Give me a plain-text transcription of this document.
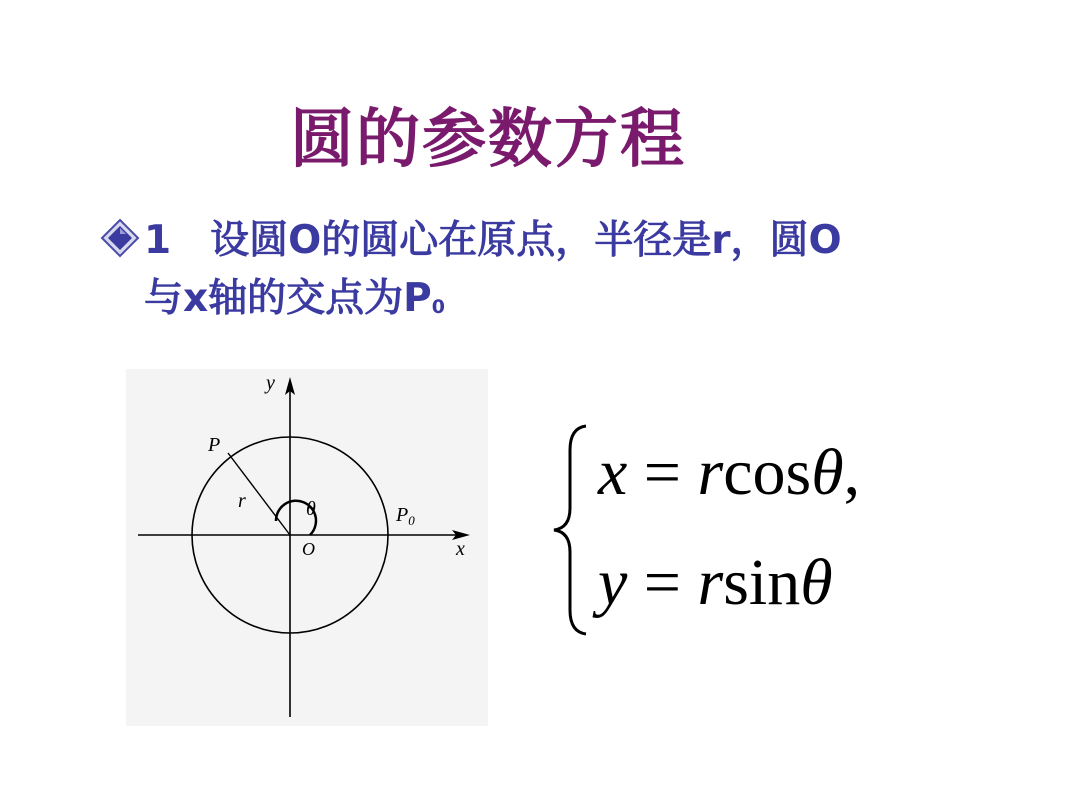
圆的参数方程
1　设圆O的圆心在原点，半径是r，圆O
与x轴的交点为P0
y
P
r	θ
O
$P_0$
x
x = rcosθ,
y = rsinθ
